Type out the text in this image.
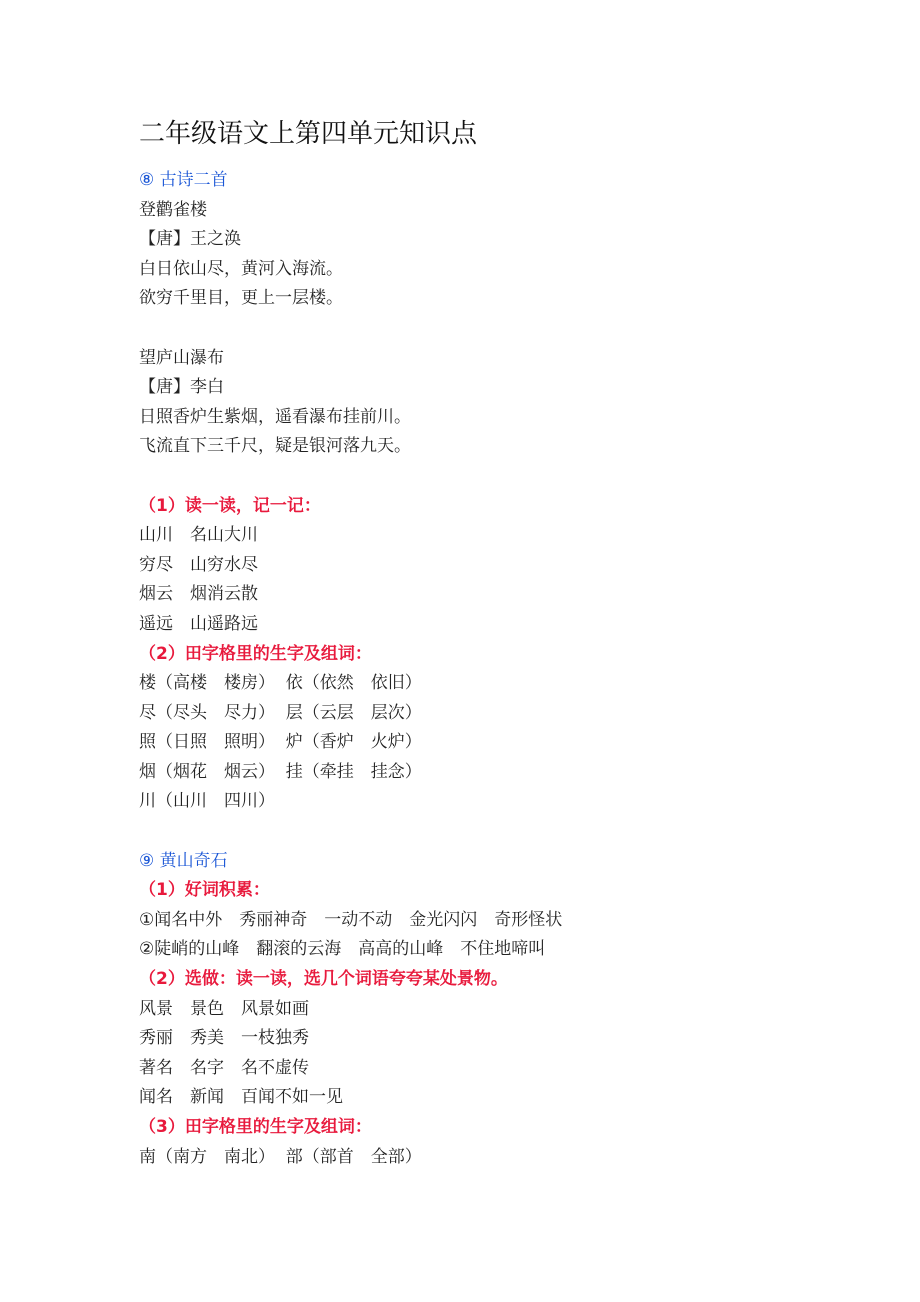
二年级语文上第四单元知识点
⑧ 古诗二首
登鹳雀楼
【唐】王之涣
白日依山尽，黄河入海流。
欲穷千里目，更上一层楼。
望庐山瀑布
【唐】李白
日照香炉生紫烟，遥看瀑布挂前川。
飞流直下三千尺，疑是银河落九天。
（1）读一读，记一记：
山川　名山大川
穷尽　山穷水尽
烟云　烟消云散
遥远　山遥路远
（2）田字格里的生字及组词：
楼（高楼　楼房）  依（依然　依旧）
尽（尽头　尽力）  层（云层　层次）
照（日照　照明）  炉（香炉　火炉）
烟（烟花　烟云）  挂（牵挂　挂念）
川（山川　四川）
⑨ 黄山奇石
（1）好词积累：
①闻名中外　秀丽神奇　一动不动　金光闪闪　奇形怪状
②陡峭的山峰　翻滚的云海　高高的山峰　不住地啼叫
（2）选做：读一读，选几个词语夸夸某处景物。
风景　景色　风景如画
秀丽　秀美　一枝独秀
著名　名字　名不虚传
闻名　新闻　百闻不如一见
（3）田字格里的生字及组词：
南（南方　南北）  部（部首　全部）
